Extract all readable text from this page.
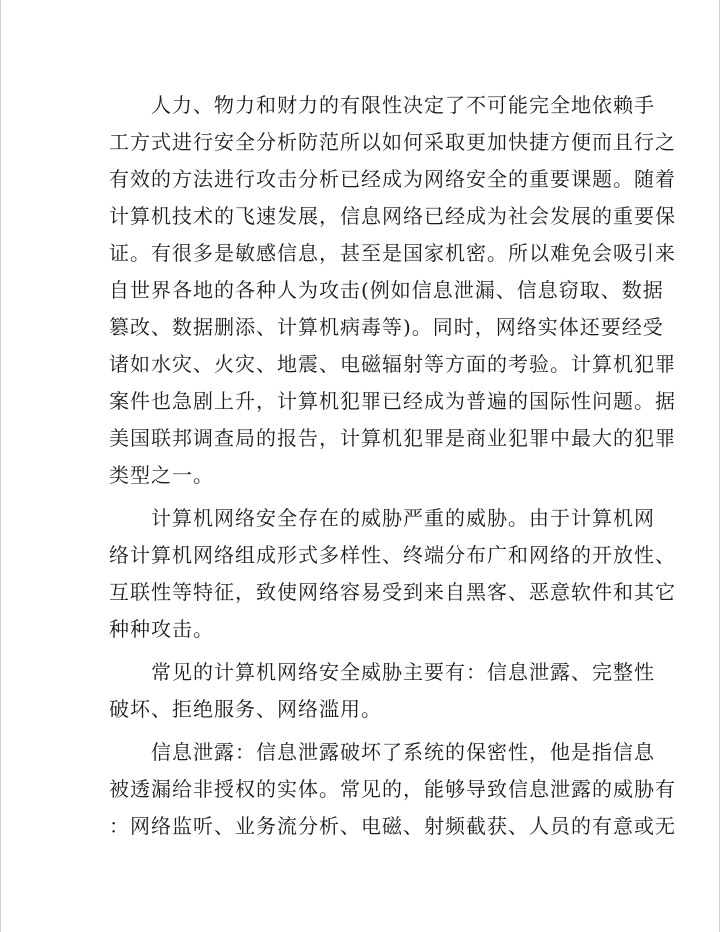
人力、物力和财力的有限性决定了不可能完全地依赖手
工方式进行安全分析防范所以如何采取更加快捷方便而且行之
有效的方法进行攻击分析已经成为网络安全的重要课题。随着
计算机技术的飞速发展，信息网络已经成为社会发展的重要保
证。有很多是敏感信息，甚至是国家机密。所以难免会吸引来
自世界各地的各种人为攻击(例如信息泄漏、信息窃取、数据
篡改、数据删添、计算机病毒等)。同时，网络实体还要经受
诸如水灾、火灾、地震、电磁辐射等方面的考验。计算机犯罪
案件也急剧上升，计算机犯罪已经成为普遍的国际性问题。据
美国联邦调查局的报告，计算机犯罪是商业犯罪中最大的犯罪
类型之一。
计算机网络安全存在的威胁严重的威胁。由于计算机网
络计算机网络组成形式多样性、终端分布广和网络的开放性、
互联性等特征，致使网络容易受到来自黑客、恶意软件和其它
种种攻击。
常见的计算机网络安全威胁主要有：信息泄露、完整性
破坏、拒绝服务、网络滥用。
信息泄露：信息泄露破坏了系统的保密性，他是指信息
被透漏给非授权的实体。常见的，能够导致信息泄露的威胁有
：网络监听、业务流分析、电磁、射频截获、人员的有意或无
